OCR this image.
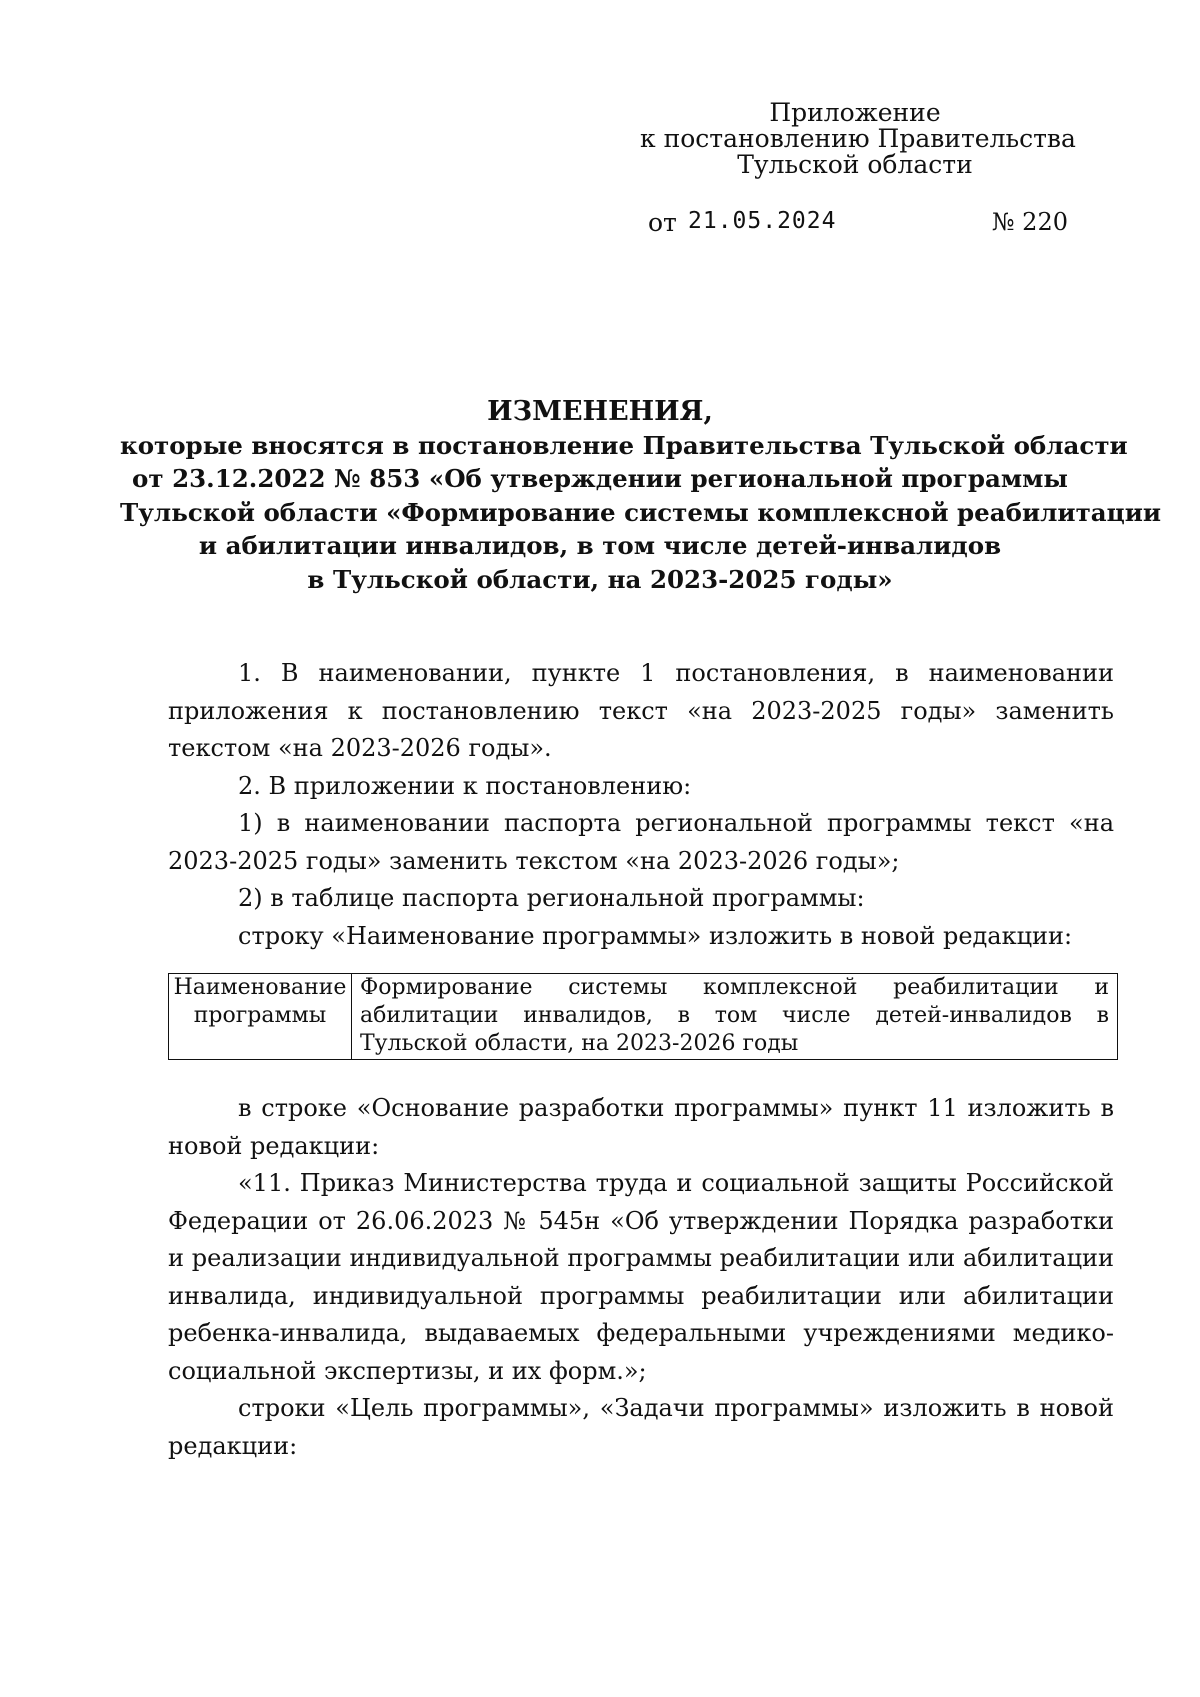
Приложение
к постановлению Правительства
Тульской области
от 21.05.2024	№ 220
ИЗМЕНЕНИЯ,
которые вносятся в постановление Правительства Тульской области
от 23.12.2022 № 853 «Об утверждении региональной программы
Тульской области «Формирование системы комплексной реабилитации
и абилитации инвалидов, в том числе детей-инвалидов
в Тульской области, на 2023-2025 годы»

1. В наименовании, пункте 1 постановления, в наименовании приложения к постановлению текст «на 2023-2025 годы» заменить текстом «на 2023-2026 годы».

2. В приложении к постановлению:

1) в наименовании паспорта региональной программы текст «на 2023-2025 годы» заменить текстом «на 2023-2026 годы»;

2) в таблице паспорта региональной программы:

строку «Наименование программы» изложить в новой редакции:

Наименование программы	Формирование системы комплексной реабилитации и абилитации инвалидов, в том числе детей-инвалидов в Тульской области, на 2023-2026 годы

в строке «Основание разработки программы» пункт 11 изложить в новой редакции:

«11. Приказ Министерства труда и социальной защиты Российской Федерации от 26.06.2023 № 545н «Об утверждении Порядка разработки и реализации индивидуальной программы реабилитации или абилитации инвалида, индивидуальной программы реабилитации или абилитации ребенка-инвалида, выдаваемых федеральными учреждениями медико-социальной экспертизы, и их форм.»;

строки «Цель программы», «Задачи программы» изложить в новой редакции:
